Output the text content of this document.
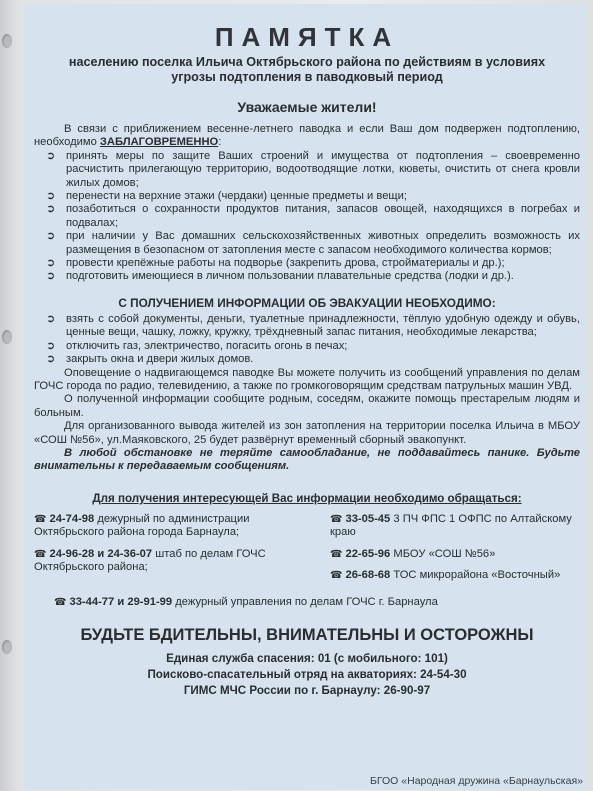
ПАМЯТКА
населению поселка Ильича Октябрьского района по действиям в условиях угрозы подтопления в паводковый период
Уважаемые жители!
В связи с приближением весенне-летнего паводка и если Ваш дом подвержен подтоплению, необходимо ЗАБЛАГОВРЕМЕННО:
➲ принять меры по защите Ваших строений и имущества от подтопления – своевременно расчистить прилегающую территорию, водоотводящие лотки, кюветы, очистить от снега кровли жилых домов;
➲ перенести на верхние этажи (чердаки) ценные предметы и вещи;
➲ позаботиться о сохранности продуктов питания, запасов овощей, находящихся в погребах и подвалах;
➲ при наличии у Вас домашних сельскохозяйственных животных определить возможность их размещения в безопасном от затопления месте с запасом необходимого количества кормов;
➲ провести крепёжные работы на подворье (закрепить дрова, стройматериалы и др.);
➲ подготовить имеющиеся в личном пользовании плавательные средства (лодки и др.).
С ПОЛУЧЕНИЕМ ИНФОРМАЦИИ ОБ ЭВАКУАЦИИ НЕОБХОДИМО:
➲ взять с собой документы, деньги, туалетные принадлежности, тёплую удобную одежду и обувь, ценные вещи, чашку, ложку, кружку, трёхдневный запас питания, необходимые лекарства;
➲ отключить газ, электричество, погасить огонь в печах;
➲ закрыть окна и двери жилых домов.
Оповещение о надвигающемся паводке Вы можете получить из сообщений управления по делам ГОЧС города по радио, телевидению, а также по громкоговорящим средствам патрульных машин УВД.
О полученной информации сообщите родным, соседям, окажите помощь престарелым людям и больным.
Для организованного вывода жителей из зон затопления на территории поселка Ильича в МБОУ «СОШ №56», ул.Маяковского, 25 будет развёрнут временный сборный эвакопункт.
В любой обстановке не теряйте самообладание, не поддавайтесь панике. Будьте внимательны к передаваемым сообщениям.
Для получения интересующей Вас информации необходимо обращаться:
☎ 24-74-98 дежурный по администрации Октябрьского района города Барнаула;
☎ 24-96-28 и 24-36-07 штаб по делам ГОЧС Октябрьского района;
☎ 33-05-45 3 ПЧ ФПС 1 ОФПС по Алтайскому краю
☎ 22-65-96 МБОУ «СОШ №56»
☎ 26-68-68 ТОС микрорайона «Восточный»
☎ 33-44-77 и 29-91-99 дежурный управления по делам ГОЧС г. Барнаула
БУДЬТЕ БДИТЕЛЬНЫ, ВНИМАТЕЛЬНЫ И ОСТОРОЖНЫ
Единая служба спасения: 01 (с мобильного: 101)
Поисково-спасательный отряд на акваториях: 24-54-30
ГИМС МЧС России по г. Барнаулу: 26-90-97
БГОО «Народная дружина «Барнаульская»
